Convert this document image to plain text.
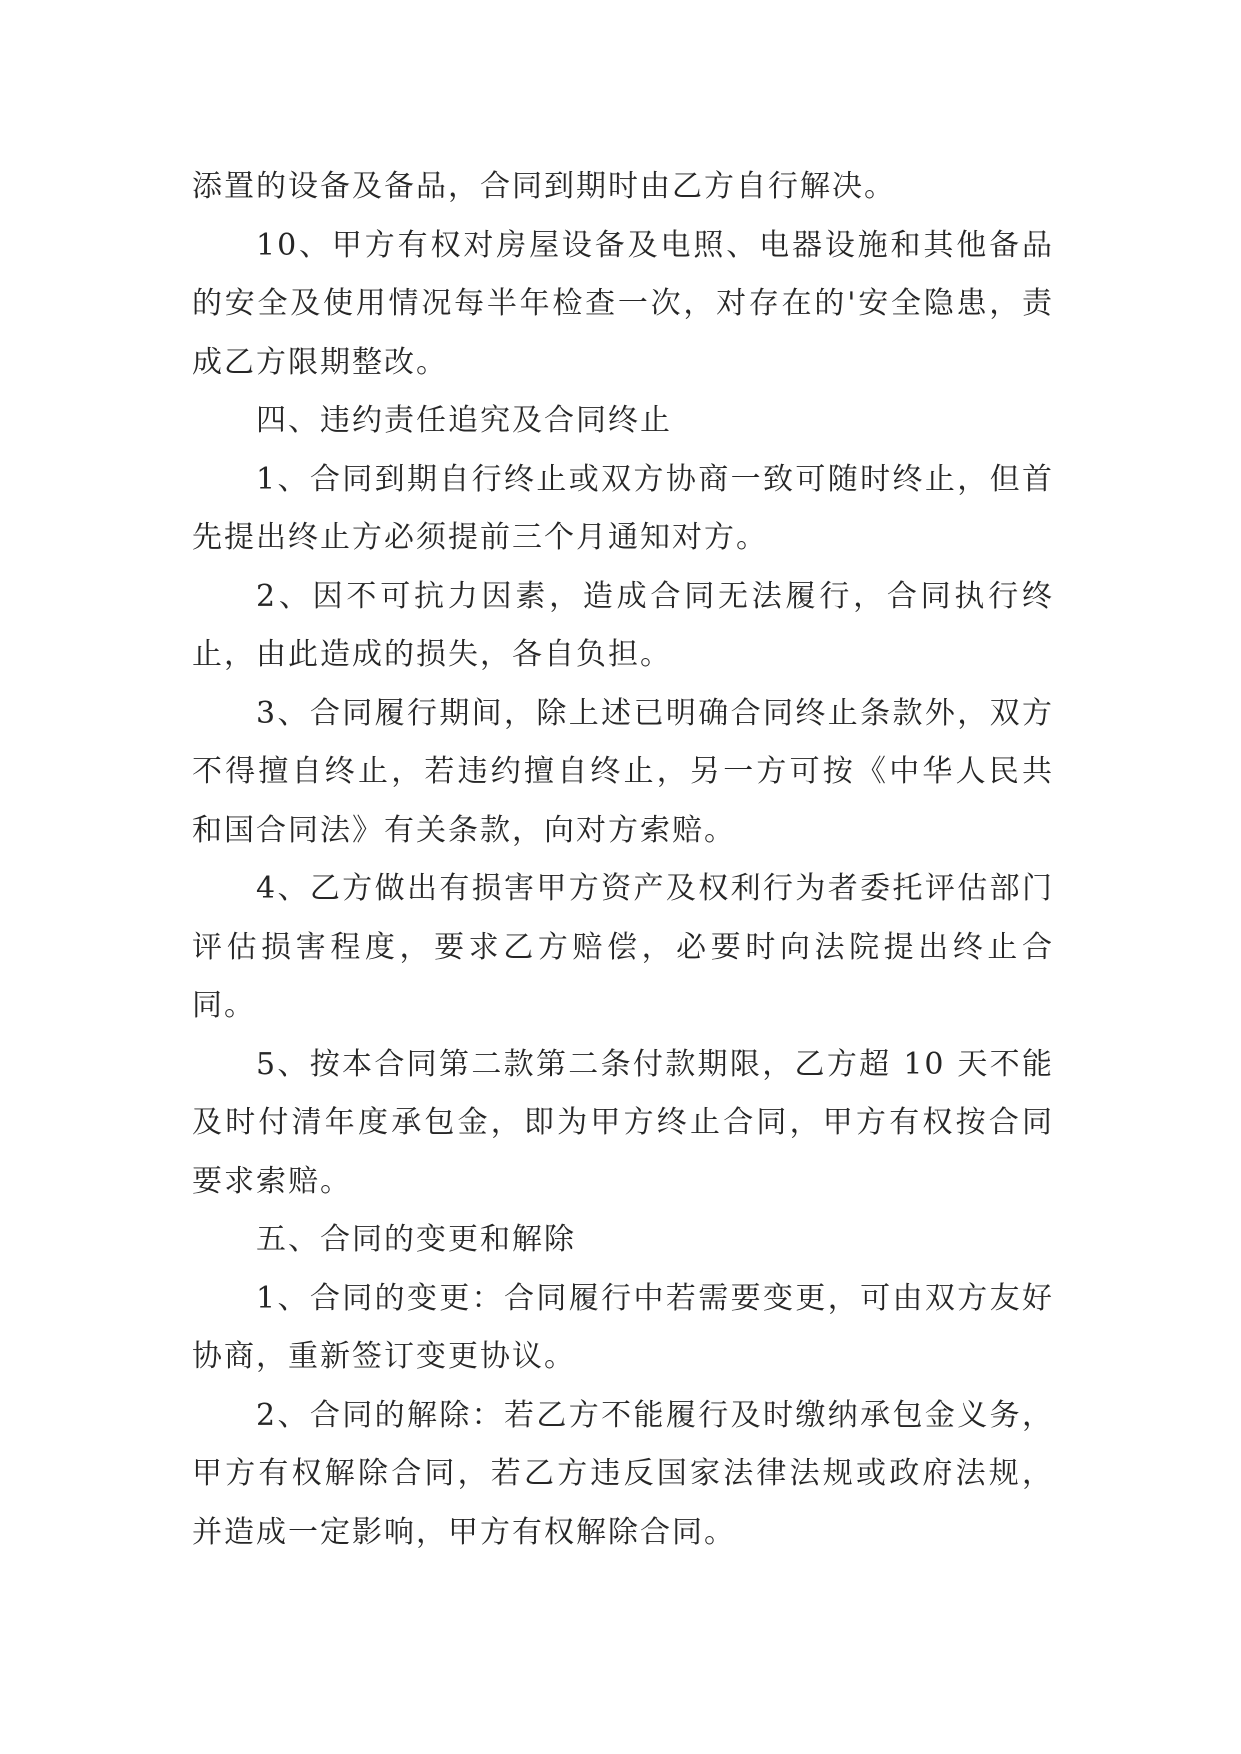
添置的设备及备品，合同到期时由乙方自行解决。

10、甲方有权对房屋设备及电照、电器设施和其他备品的安全及使用情况每半年检查一次，对存在的'安全隐患，责成乙方限期整改。

四、违约责任追究及合同终止

1、合同到期自行终止或双方协商一致可随时终止，但首先提出终止方必须提前三个月通知对方。

2、因不可抗力因素，造成合同无法履行，合同执行终止，由此造成的损失，各自负担。

3、合同履行期间，除上述已明确合同终止条款外，双方不得擅自终止，若违约擅自终止，另一方可按《中华人民共和国合同法》有关条款，向对方索赔。

4、乙方做出有损害甲方资产及权利行为者委托评估部门评估损害程度，要求乙方赔偿，必要时向法院提出终止合同。

5、按本合同第二款第二条付款期限，乙方超 10 天不能及时付清年度承包金，即为甲方终止合同，甲方有权按合同要求索赔。

五、合同的变更和解除

1、合同的变更：合同履行中若需要变更，可由双方友好协商，重新签订变更协议。

2、合同的解除：若乙方不能履行及时缴纳承包金义务，甲方有权解除合同，若乙方违反国家法律法规或政府法规，并造成一定影响，甲方有权解除合同。
